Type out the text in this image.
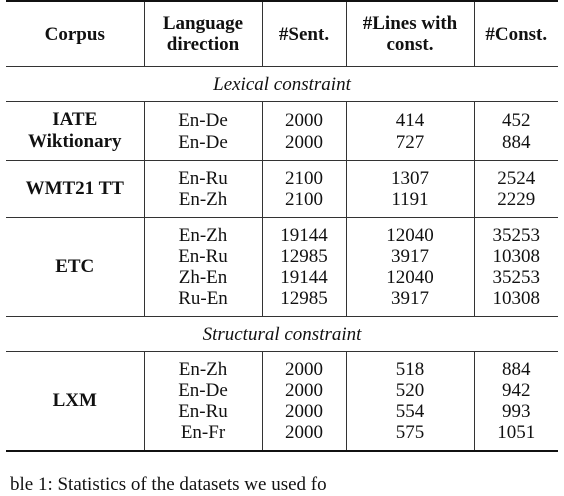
Corpus	Language direction	#Sent.	#Lines with const.	#Const.
Lexical constraint				

IATE
Wiktionary	En-De	2000	414	452
	En-De	2000	727	884
WMT21 TT	En-Ru	2100	1307	2524
	En-Zh	2100	1191	2229
ETC	En-Zh	19144	12040	35253
	En-Ru	12985	3917	10308
	Zh-En	19144	12040	35253
	Ru-En	12985	3917	10308
Structural constraint				
LXM	En-Zh	2000	518	884
	En-De	2000	520	942
	En-Ru	2000	554	993
	En-Fr	2000	575	1051
ble 1: Statistics of the datasets we used fo
